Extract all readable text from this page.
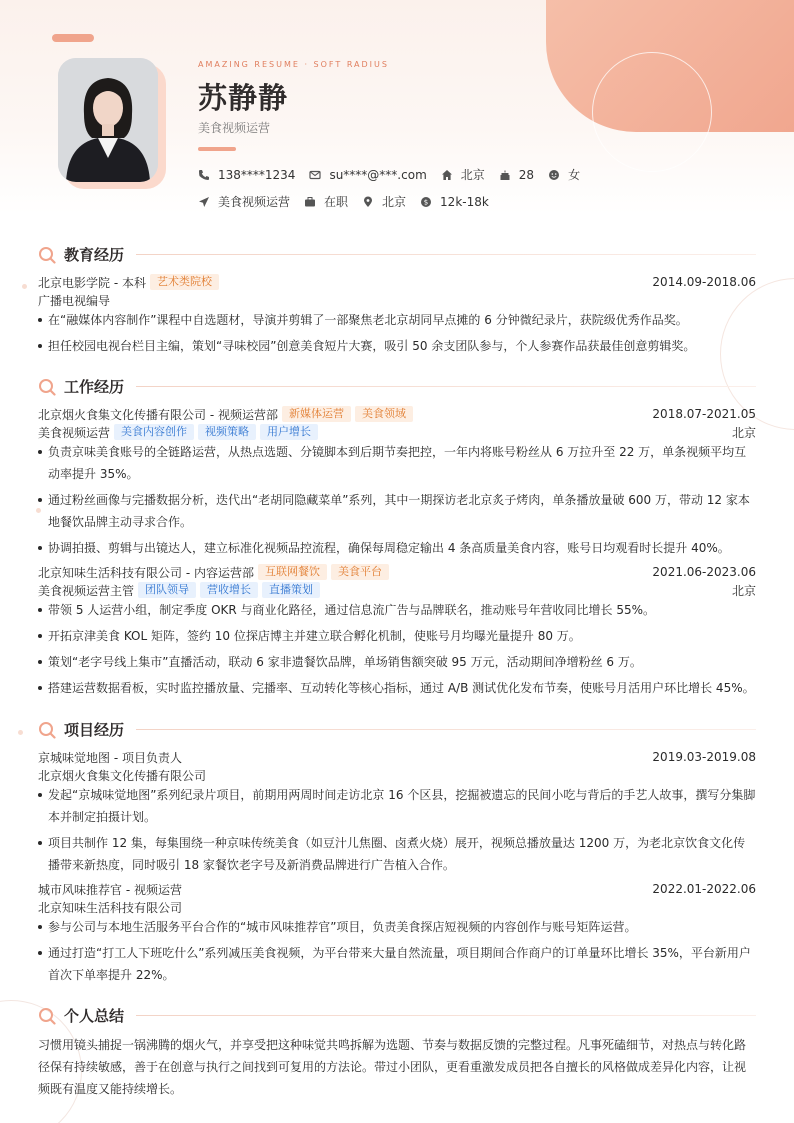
AMAZING RESUME · SOFT RADIUS
苏静静
美食视频运营
138****1234	su****@***.com	北京	28	女
美食视频运营	在职	北京	$ 12k-18k
教育经历
北京电影学院 - 本科	艺术类院校	2014.09-2018.06
广播电视编导
在“融媒体内容制作”课程中自选题材，导演并剪辑了一部聚焦老北京胡同早点摊的 6 分钟微纪录片，获院级优秀作品奖。
担任校园电视台栏目主编，策划“寻味校园”创意美食短片大赛，吸引 50 余支团队参与，个人参赛作品获最佳创意剪辑奖。
工作经历
北京烟火食集文化传播有限公司 - 视频运营部	新媒体运营	美食领域	2018.07-2021.05
美食视频运营	美食内容创作	视频策略	用户增长	北京
负责京味美食账号的全链路运营，从热点选题、分镜脚本到后期节奏把控，一年内将账号粉丝从 6 万拉升至 22 万，单条视频平均互动率提升 35%。
通过粉丝画像与完播数据分析，迭代出“老胡同隐藏菜单”系列，其中一期探访老北京炙子烤肉，单条播放量破 600 万，带动 12 家本地餐饮品牌主动寻求合作。
协调拍摄、剪辑与出镜达人，建立标准化视频品控流程，确保每周稳定输出 4 条高质量美食内容，账号日均观看时长提升 40%。
北京知味生活科技有限公司 - 内容运营部	互联网餐饮	美食平台	2021.06-2023.06
美食视频运营主管	团队领导	营收增长	直播策划	北京
带领 5 人运营小组，制定季度 OKR 与商业化路径，通过信息流广告与品牌联名，推动账号年营收同比增长 55%。
开拓京津美食 KOL 矩阵，签约 10 位探店博主并建立联合孵化机制，使账号月均曝光量提升 80 万。
策划“老字号线上集市”直播活动，联动 6 家非遗餐饮品牌，单场销售额突破 95 万元，活动期间净增粉丝 6 万。
搭建运营数据看板，实时监控播放量、完播率、互动转化等核心指标，通过 A/B 测试优化发布节奏，使账号月活用户环比增长 45%。
项目经历
京城味觉地图 - 项目负责人	2019.03-2019.08
北京烟火食集文化传播有限公司
发起“京城味觉地图”系列纪录片项目，前期用两周时间走访北京 16 个区县，挖掘被遗忘的民间小吃与背后的手艺人故事，撰写分集脚本并制定拍摄计划。
项目共制作 12 集，每集围绕一种京味传统美食（如豆汁儿焦圈、卤煮火烧）展开，视频总播放量达 1200 万，为老北京饮食文化传播带来新热度，同时吸引 18 家餐饮老字号及新消费品牌进行广告植入合作。
城市风味推荐官 - 视频运营	2022.01-2022.06
北京知味生活科技有限公司
参与公司与本地生活服务平台合作的“城市风味推荐官”项目，负责美食探店短视频的内容创作与账号矩阵运营。
通过打造“打工人下班吃什么”系列减压美食视频，为平台带来大量自然流量，项目期间合作商户的订单量环比增长 35%，平台新用户首次下单率提升 22%。
个人总结
习惯用镜头捕捉一锅沸腾的烟火气，并享受把这种味觉共鸣拆解为选题、节奏与数据反馈的完整过程。凡事死磕细节，对热点与转化路径保有持续敏感，善于在创意与执行之间找到可复用的方法论。带过小团队，更看重激发成员把各自擅长的风格做成差异化内容，让视频既有温度又能持续增长。
